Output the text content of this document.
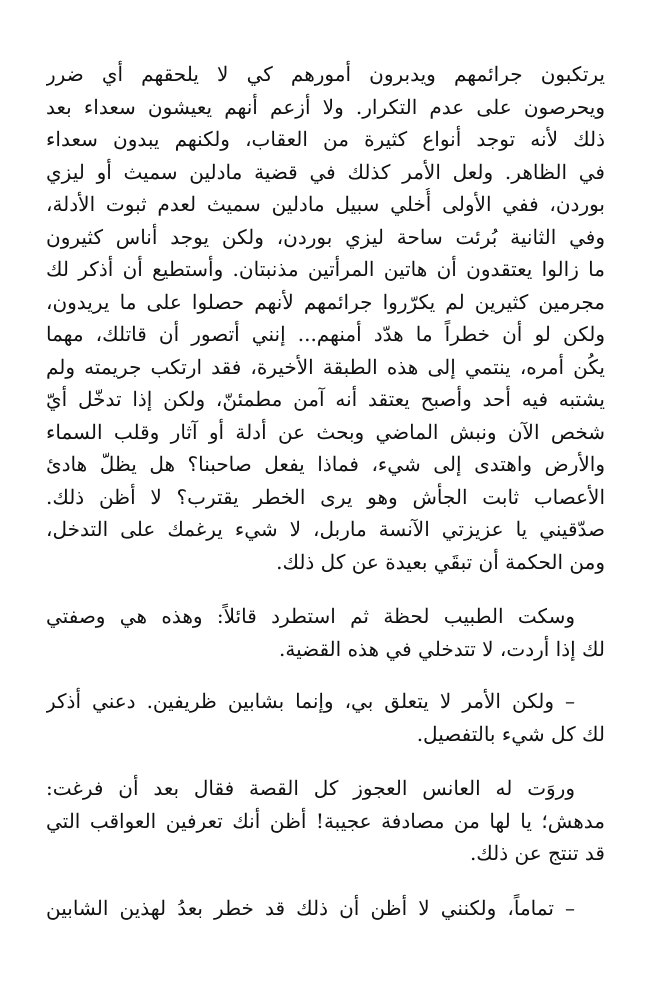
يرتكبون جرائمهم ويدبرون أمورهم كي لا يلحقهم أي ضرر
ويحرصون على عدم التكرار. ولا أزعم أنهم يعيشون سعداء بعد
ذلك لأنه توجد أنواع كثيرة من العقاب، ولكنهم يبدون سعداء
في الظاهر. ولعل الأمر كذلك في قضية مادلين سميث أو ليزي
بوردن، ففي الأولى أُخلي سبيل مادلين سميث لعدم ثبوت الأدلة،
وفي الثانية بُرئت ساحة ليزي بوردن، ولكن يوجد أناس كثيرون
ما زالوا يعتقدون أن هاتين المرأتين مذنبتان. وأستطيع أن أذكر لك
مجرمين كثيرين لم يكرّروا جرائمهم لأنهم حصلوا على ما يريدون،
ولكن لو أن خطراً ما هدّد أمنهم... إنني أتصور أن قاتلك، مهما
يكُن أمره، ينتمي إلى هذه الطبقة الأخيرة، فقد ارتكب جريمته ولم
يشتبه فيه أحد وأصبح يعتقد أنه آمن مطمئنّ، ولكن إذا تدخّل أيّ
شخص الآن ونبش الماضي وبحث عن أدلة أو آثار وقلب السماء
والأرض واهتدى إلى شيء، فماذا يفعل صاحبنا؟ هل يظلّ هادئ
الأعصاب ثابت الجأش وهو يرى الخطر يقترب؟ لا أظن ذلك.
صدّقيني يا عزيزتي الآنسة ماربل، لا شيء يرغمك على التدخل،
ومن الحكمة أن تبقَي بعيدة عن كل ذلك.
وسكت الطبيب لحظة ثم استطرد قائلاً: وهذه هي وصفتي
لك إذا أردت، لا تتدخلي في هذه القضية.
– ولكن الأمر لا يتعلق بي، وإنما بشابين ظريفين. دعني أذكر
لك كل شيء بالتفصيل.
وروَت له العانس العجوز كل القصة فقال بعد أن فرغت:
مدهش؛ يا لها من مصادفة عجيبة! أظن أنك تعرفين العواقب التي
قد تنتج عن ذلك.
– تماماً، ولكنني لا أظن أن ذلك قد خطر بعدُ لهذين الشابين
